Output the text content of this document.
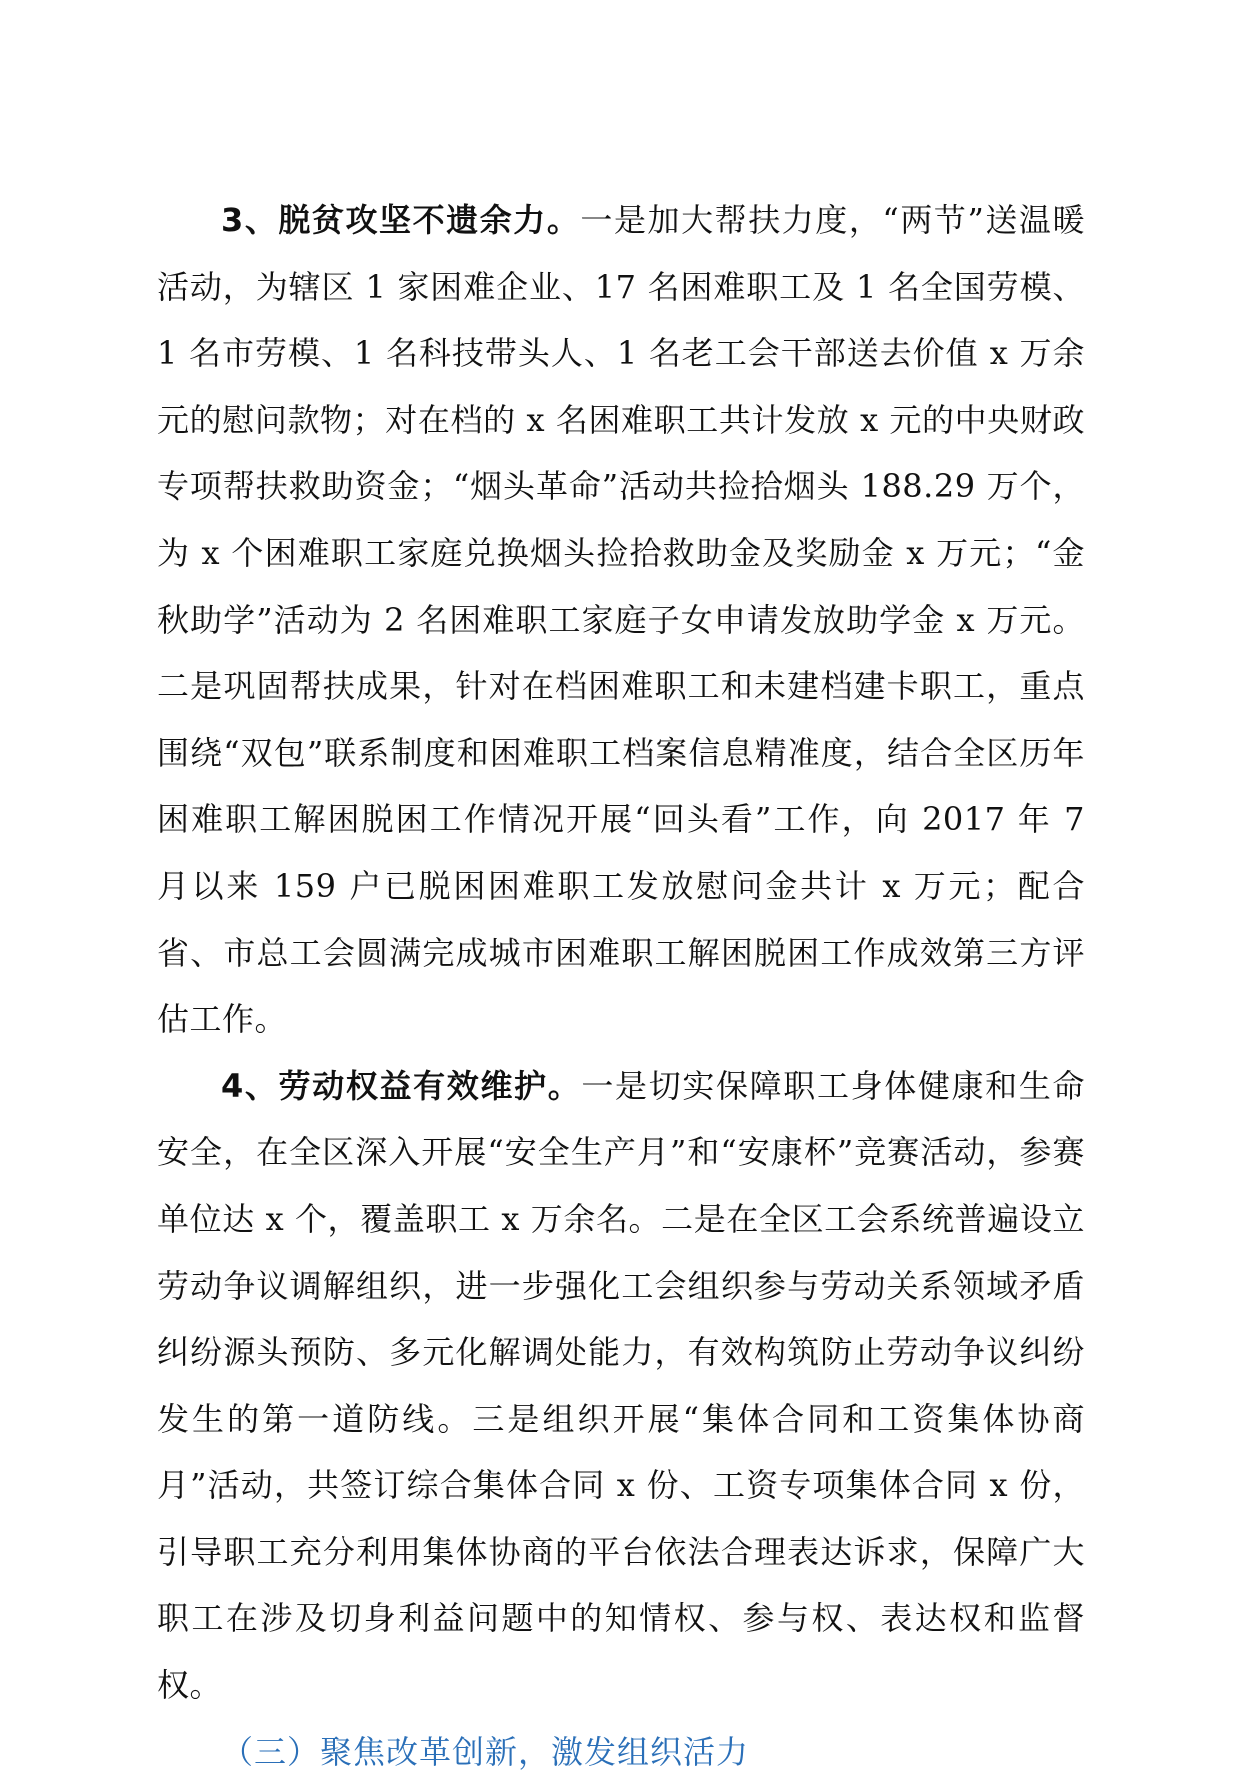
3、脱贫攻坚不遗余力。一是加大帮扶力度，“两节”送温暖活动，为辖区 1 家困难企业、17 名困难职工及 1 名全国劳模、1 名市劳模、1 名科技带头人、1 名老工会干部送去价值 x 万余元的慰问款物；对在档的 x 名困难职工共计发放 x 元的中央财政专项帮扶救助资金；“烟头革命”活动共捡拾烟头 188.29 万个，为 x 个困难职工家庭兑换烟头捡拾救助金及奖励金 x 万元；“金秋助学”活动为 2 名困难职工家庭子女申请发放助学金 x 万元。二是巩固帮扶成果，针对在档困难职工和未建档建卡职工，重点围绕“双包”联系制度和困难职工档案信息精准度，结合全区历年困难职工解困脱困工作情况开展“回头看”工作，向 2017 年 7 月以来 159 户已脱困困难职工发放慰问金共计 x 万元；配合省、市总工会圆满完成城市困难职工解困脱困工作成效第三方评估工作。

4、劳动权益有效维护。一是切实保障职工身体健康和生命安全，在全区深入开展“安全生产月”和“安康杯”竞赛活动，参赛单位达 x 个，覆盖职工 x 万余名。二是在全区工会系统普遍设立劳动争议调解组织，进一步强化工会组织参与劳动关系领域矛盾纠纷源头预防、多元化解调处能力，有效构筑防止劳动争议纠纷发生的第一道防线。三是组织开展“集体合同和工资集体协商月”活动，共签订综合集体合同 x 份、工资专项集体合同 x 份，引导职工充分利用集体协商的平台依法合理表达诉求，保障广大职工在涉及切身利益问题中的知情权、参与权、表达权和监督权。

（三）聚焦改革创新，激发组织活力
